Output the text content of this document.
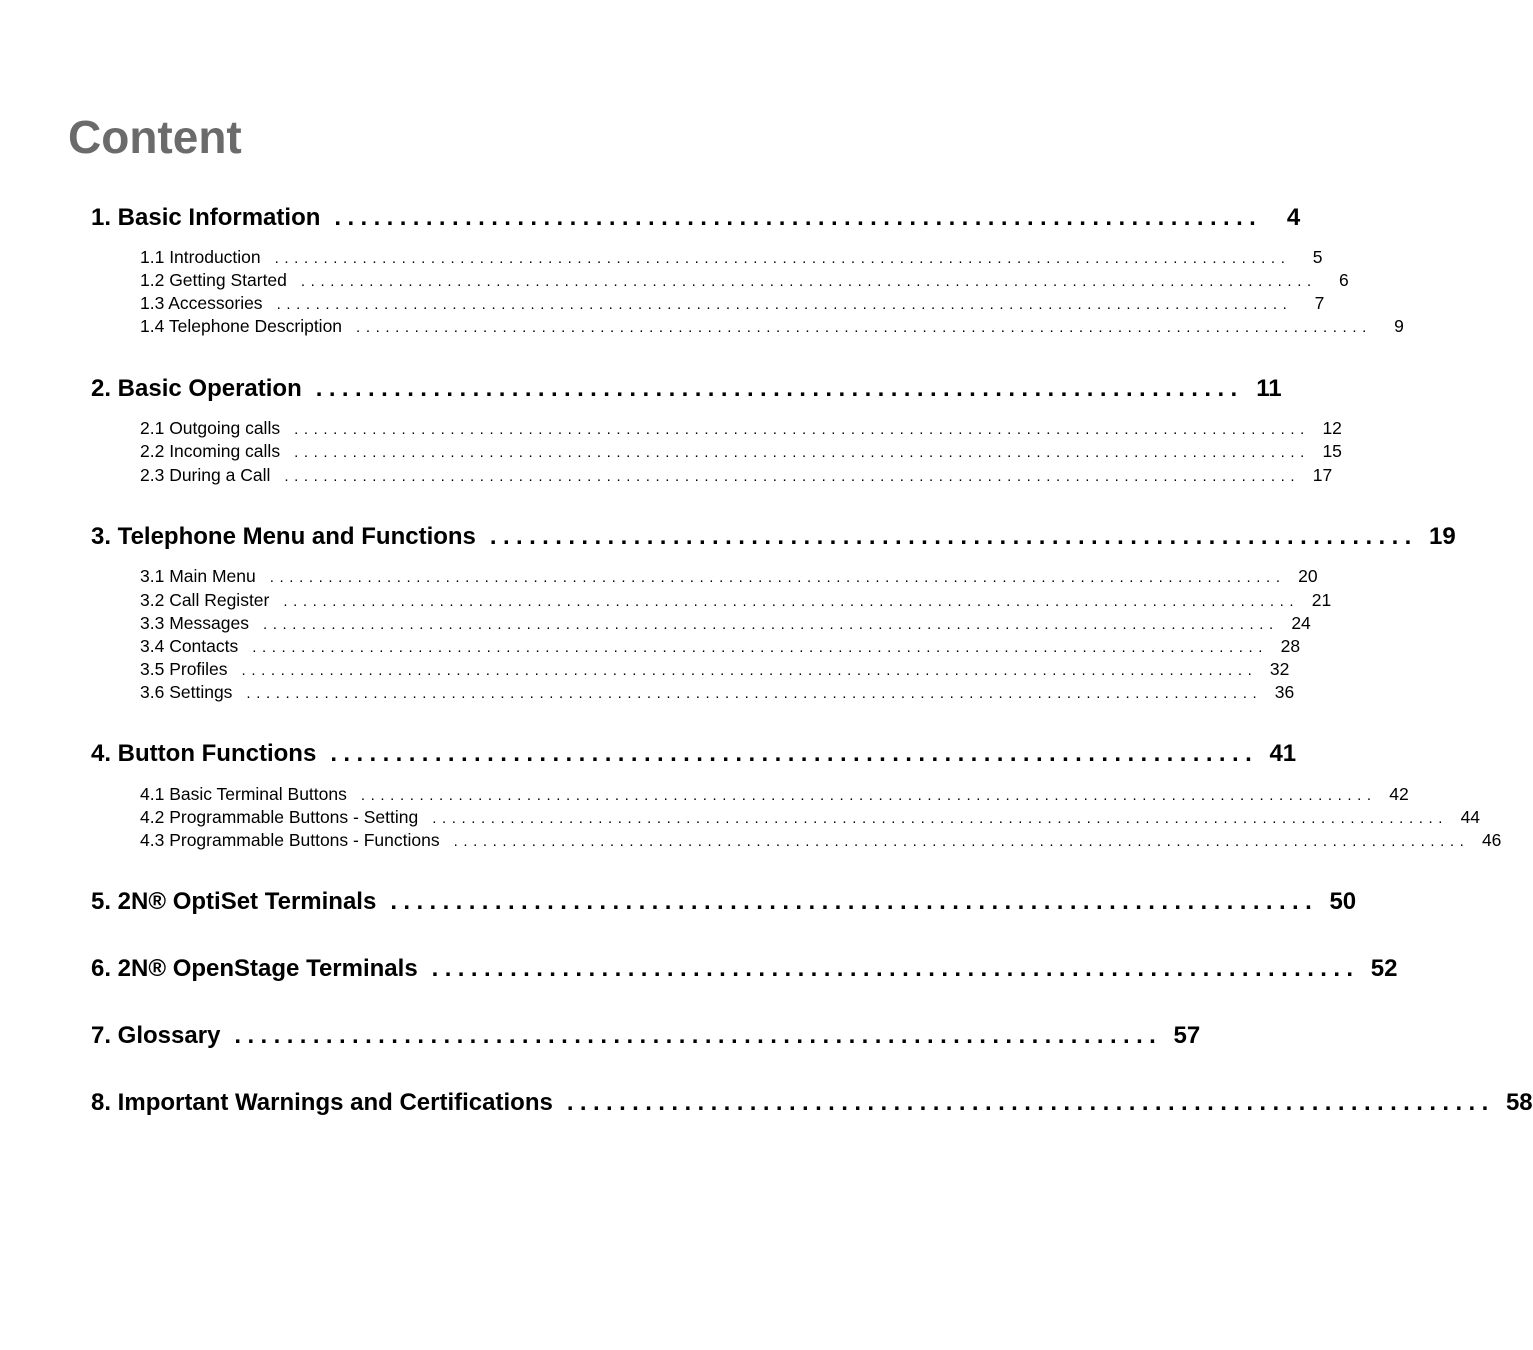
Content
1. Basic Information .......................................................................	4
1.1 Introduction ........................................................................................................	5
1.2 Getting Started ........................................................................................................	6
1.3 Accessories ........................................................................................................	7
1.4 Telephone Description ........................................................................................................	9
2. Basic Operation ....................................................................... 11
2.1 Outgoing calls ........................................................................................................ 12
2.2 Incoming calls ........................................................................................................ 15
2.3 During a Call ........................................................................................................ 17
3. Telephone Menu and Functions ....................................................................... 19
3.1 Main Menu ........................................................................................................ 20
3.2 Call Register ........................................................................................................ 21
3.3 Messages ........................................................................................................ 24
3.4 Contacts ........................................................................................................ 28
3.5 Profiles ........................................................................................................ 32
3.6 Settings ........................................................................................................ 36
4. Button Functions ....................................................................... 41
4.1 Basic Terminal Buttons ........................................................................................................ 42
4.2 Programmable Buttons - Setting ........................................................................................................ 44
4.3 Programmable Buttons - Functions ........................................................................................................ 46
5. 2N® OptiSet Terminals ....................................................................... 50
6. 2N® OpenStage Terminals ....................................................................... 52
7. Glossary ....................................................................... 57
8. Important Warnings and Certifications ....................................................................... 58
